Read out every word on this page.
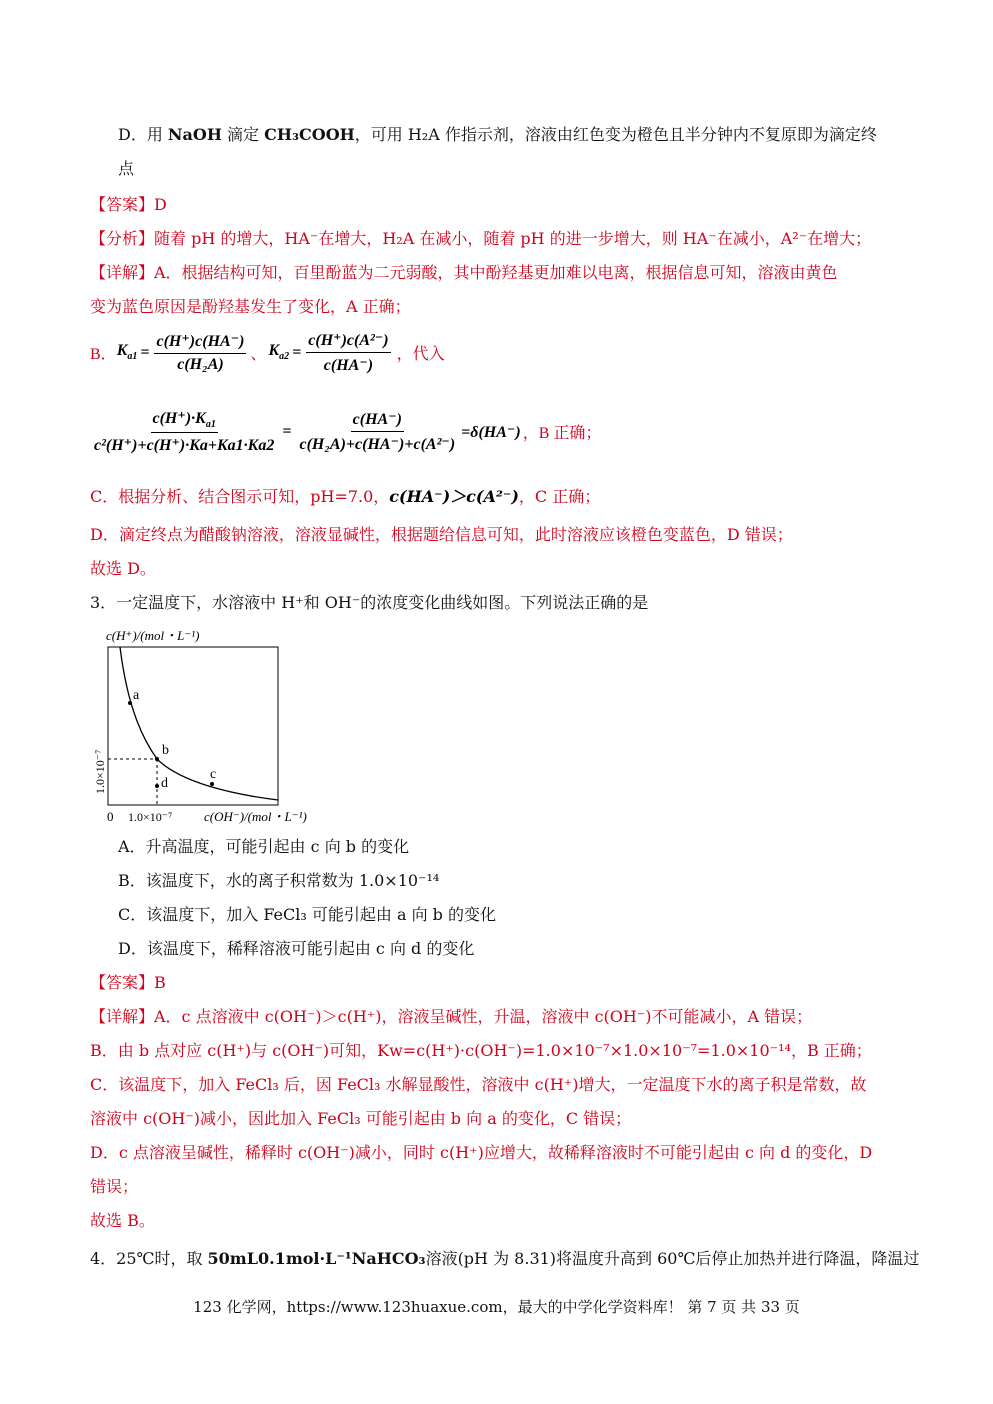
D．用 NaOH 滴定 CH₃COOH，可用 H₂A 作指示剂，溶液由红色变为橙色且半分钟内不复原即为滴定终
点
【答案】D
【分析】随着 pH 的增大，HA⁻在增大，H₂A 在减小，随着 pH 的进一步增大，则 HA⁻在减小，A²⁻在增大；
【详解】A．根据结构可知，百里酚蓝为二元弱酸，其中酚羟基更加难以电离，根据信息可知，溶液由黄色
变为蓝色原因是酚羟基发生了变化，A 正确；
B． $K_{a1} = \frac{c(H^+)c(HA^-)}{\text{c(H₂A)}}$ 、 $K_{a2} = \frac{\text{c(H⁺)c(A²⁻)}}{c(HA^-)}$ ，代入
$\frac{c(H^+)\cdot K_{a1}}{\text{c²(H⁺)+c(H⁺)·Ka+Ka1·Ka2}} = \frac{c(HA^-)}{\text{c(H₂A)+c(HA⁻)+c(A²⁻)}} =\delta(HA^-)$ ，B 正确；
C．根据分析、结合图示可知，pH=7.0，c(HA⁻)＞c(A²⁻)，C 正确；
D．滴定终点为醋酸钠溶液，溶液显碱性，根据题给信息可知，此时溶液应该橙色变蓝色，D 错误；
故选 D。
3．一定温度下，水溶液中 H⁺和 OH⁻的浓度变化曲线如图。下列说法正确的是
c(H⁺)/(mol・L⁻¹)
a
b
c
d
1.0×10⁻⁷
0 1.0×10⁻⁷ c(OH⁻)/(mol・L⁻¹)
A．升高温度，可能引起由 c 向 b 的变化
B．该温度下，水的离子积常数为 1.0×10⁻¹⁴
C．该温度下，加入 FeCl₃ 可能引起由 a 向 b 的变化
D．该温度下，稀释溶液可能引起由 c 向 d 的变化
【答案】B
【详解】A．c 点溶液中 c(OH⁻)＞c(H⁺)，溶液呈碱性，升温，溶液中 c(OH⁻)不可能减小，A 错误；
B．由 b 点对应 c(H⁺)与 c(OH⁻)可知，Kw=c(H⁺)·c(OH⁻)=1.0×10⁻⁷×1.0×10⁻⁷=1.0×10⁻¹⁴，B 正确；
C．该温度下，加入 FeCl₃ 后，因 FeCl₃ 水解显酸性，溶液中 c(H⁺)增大，一定温度下水的离子积是常数，故
溶液中 c(OH⁻)减小，因此加入 FeCl₃ 可能引起由 b 向 a 的变化，C 错误；
D．c 点溶液呈碱性，稀释时 c(OH⁻)减小，同时 c(H⁺)应增大，故稀释溶液时不可能引起由 c 向 d 的变化，D
错误；
故选 B。
4．25℃时，取 50mL0.1mol·L⁻¹NaHCO₃溶液(pH 为 8.31)将温度升高到 60℃后停止加热并进行降温，降温过
123 化学网，https://www.123huaxue.com，最大的中学化学资料库！ 第 7 页 共 33 页
